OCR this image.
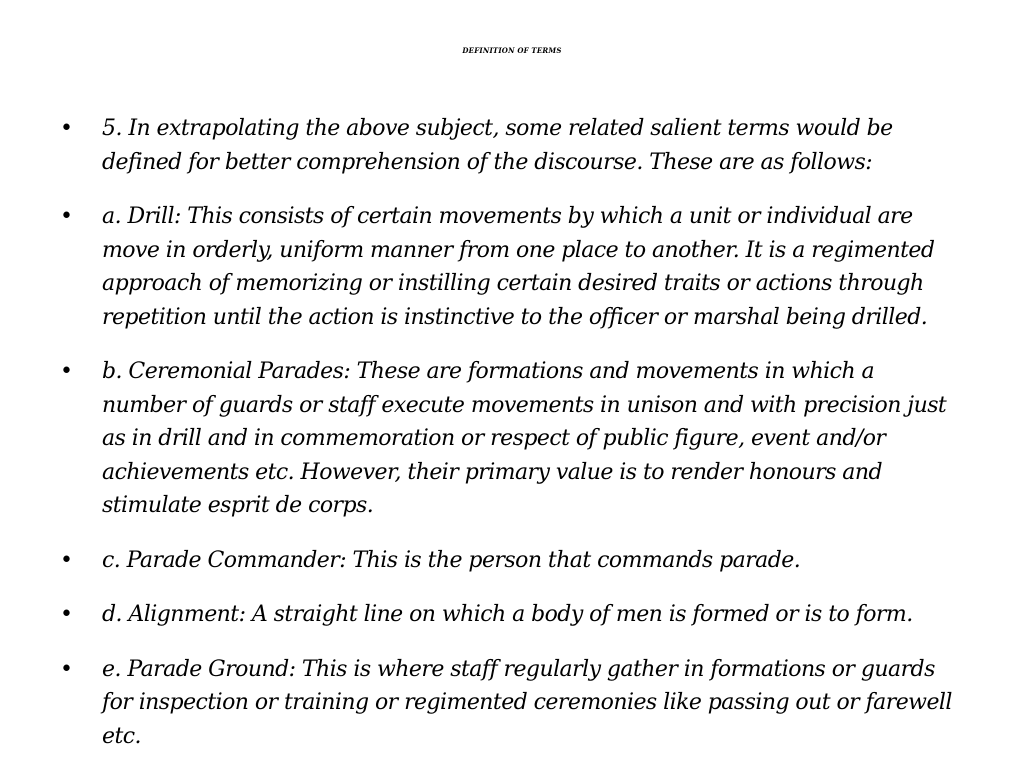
DEFINITION OF TERMS
•	5. In extrapolating the above subject, some related salient terms would be defined for better comprehension of the discourse. These are as follows:
•	a. Drill: This consists of certain movements by which a unit or individual are move in orderly, uniform manner from one place to another. It is a regimented approach of memorizing or instilling certain desired traits or actions through repetition until the action is instinctive to the officer or marshal being drilled.
•	b. Ceremonial Parades: These are formations and movements in which a number of guards or staff execute movements in unison and with precision just as in drill and in commemoration or respect of public figure, event and/or achievements etc. However, their primary value is to render honours and stimulate esprit de corps.
•	c. Parade Commander: This is the person that commands parade.
•	d. Alignment: A straight line on which a body of men is formed or is to form.
•	e. Parade Ground: This is where staff regularly gather in formations or guards for inspection or training or regimented ceremonies like passing out or farewell etc.
